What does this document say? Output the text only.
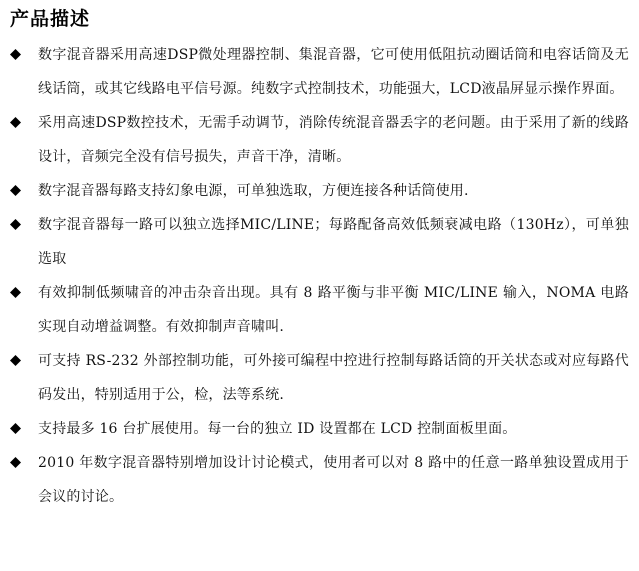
产品描述
数字混音器采用高速DSP微处理器控制、集混音器，它可使用低阻抗动圈话筒和电容话筒及无线话筒，或其它线路电平信号源。纯数字式控制技术，功能强大，LCD液晶屏显示操作界面。
采用高速DSP数控技术，无需手动调节，消除传统混音器丢字的老问题。由于采用了新的线路设计，音频完全没有信号损失，声音干净，清晰。
数字混音器每路支持幻象电源，可单独选取，方便连接各种话筒使用.
数字混音器每一路可以独立选择MIC/LINE；每路配备高效低频衰减电路（130Hz），可单独选取
有效抑制低频啸音的冲击杂音出现。具有 8 路平衡与非平衡 MIC/LINE 输入，NOMA 电路实现自动增益调整。有效抑制声音啸叫.
可支持 RS-232 外部控制功能，可外接可编程中控进行控制每路话筒的开关状态或对应每路代码发出，特别适用于公，检，法等系统.
支持最多 16 台扩展使用。每一台的独立 ID 设置都在 LCD 控制面板里面。
2010 年数字混音器特别增加设计讨论模式，使用者可以对 8 路中的任意一路单独设置成用于会议的讨论。
